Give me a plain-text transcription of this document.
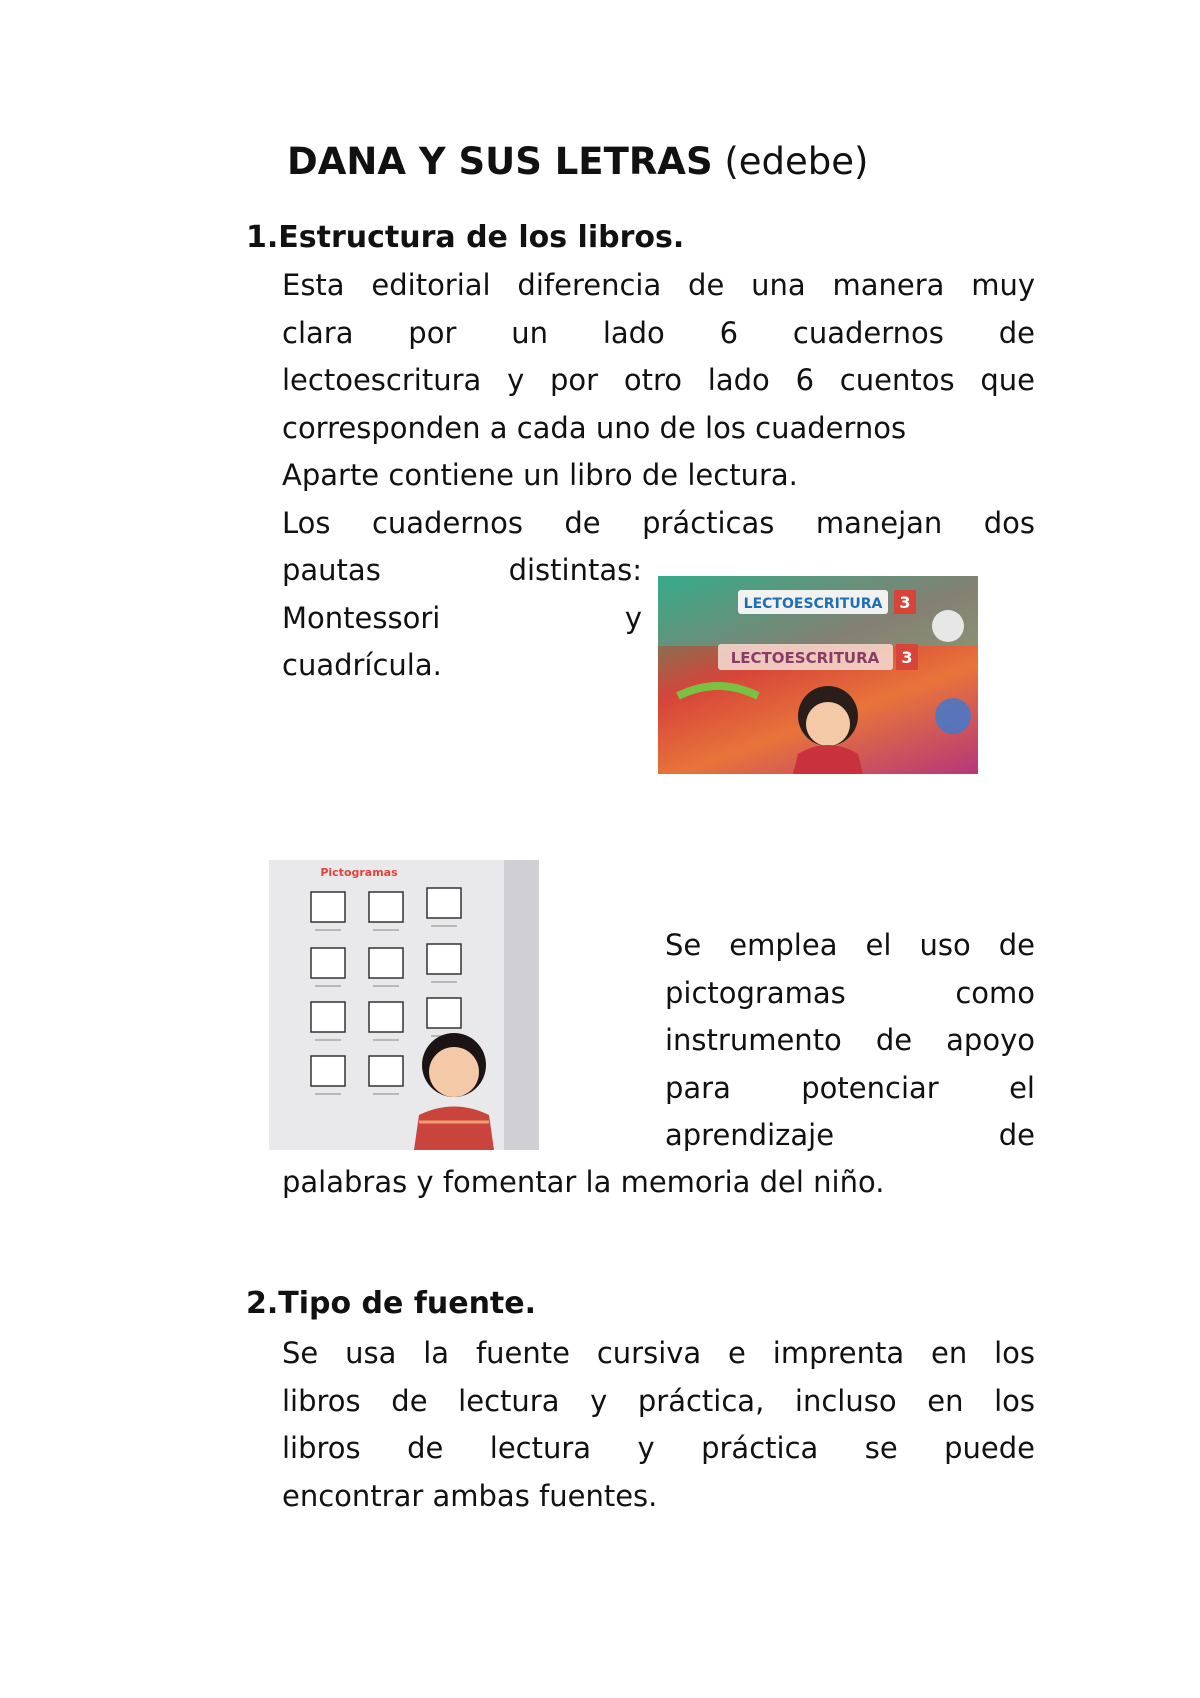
DANA Y SUS LETRAS (edebe)
1.Estructura de los libros.
Esta editorial diferencia de una manera muy
clara por un lado 6 cuadernos de
lectoescritura y por otro lado 6 cuentos que
corresponden a cada uno de los cuadernos
Aparte contiene un libro de lectura.
Los cuadernos de prácticas manejan dos
pautas distintas:
Montessori y
cuadrícula.
LECTOESCRITURA 3
LECTOESCRITURA 3
Pictogramas
Se emplea el uso de
pictogramas como
instrumento de apoyo
para potenciar el
aprendizaje de
palabras y fomentar la memoria del niño.
2.Tipo de fuente.
Se usa la fuente cursiva e imprenta en los
libros de lectura y práctica, incluso en los
libros de lectura y práctica se puede
encontrar ambas fuentes.
